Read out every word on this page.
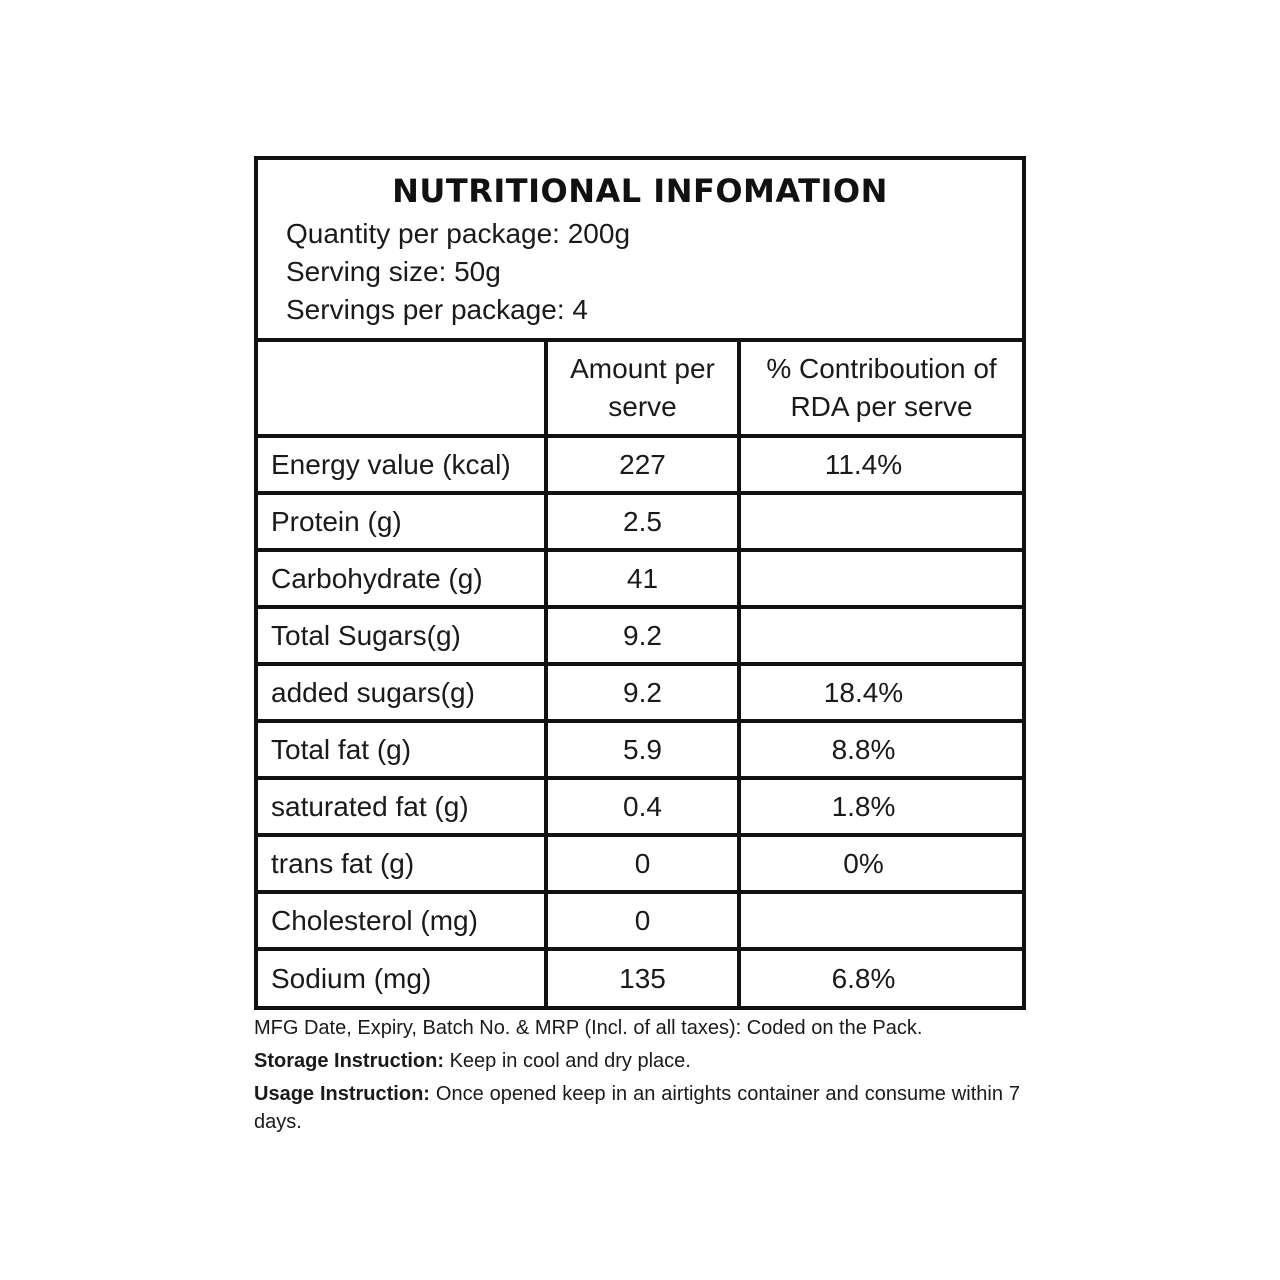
NUTRITIONAL INFOMATION
Quantity per package: 200g
Serving size: 50g
Servings per package: 4
	Amount per serve	% Contriboution of RDA per serve
Energy value (kcal)	227	11.4%
Protein (g)	2.5	
Carbohydrate (g)	41	
Total Sugars(g)	9.2	
added sugars(g)	9.2	18.4%
Total fat (g)	5.9	8.8%
saturated fat (g)	0.4	1.8%
trans fat (g)	0	0%
Cholesterol (mg)	0	
Sodium (mg)	135	6.8%

MFG Date, Expiry, Batch No. & MRP (Incl. of all taxes): Coded on the Pack.

Storage Instruction: Keep in cool and dry place.

Usage Instruction: Once opened keep in an airtights container and consume within 7 days.
